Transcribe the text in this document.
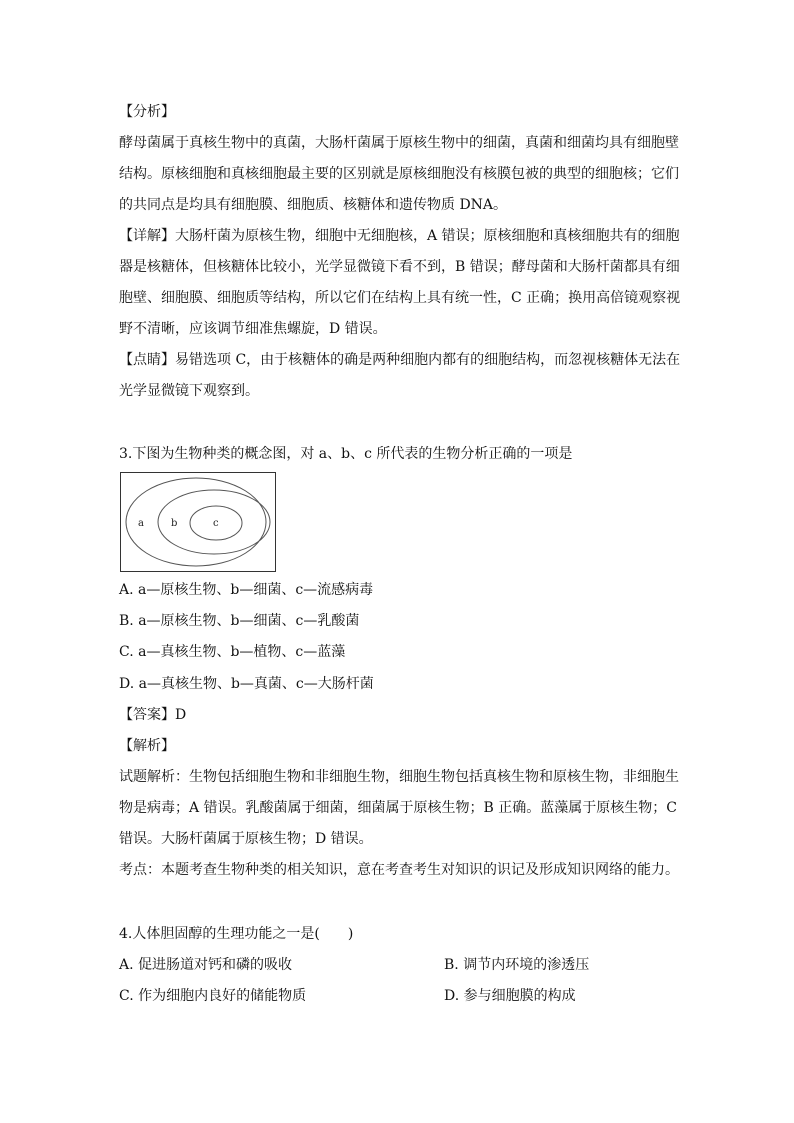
【分析】
酵母菌属于真核生物中的真菌，大肠杆菌属于原核生物中的细菌，真菌和细菌均具有细胞壁
结构。原核细胞和真核细胞最主要的区别就是原核细胞没有核膜包被的典型的细胞核；它们
的共同点是均具有细胞膜、细胞质、核糖体和遗传物质 DNA。
【详解】大肠杆菌为原核生物，细胞中无细胞核，A 错误；原核细胞和真核细胞共有的细胞
器是核糖体，但核糖体比较小，光学显微镜下看不到，B 错误；酵母菌和大肠杆菌都具有细
胞壁、细胞膜、细胞质等结构，所以它们在结构上具有统一性，C 正确；换用高倍镜观察视
野不清晰，应该调节细准焦螺旋，D 错误。
【点睛】易错选项 C，由于核糖体的确是两种细胞内都有的细胞结构，而忽视核糖体无法在
光学显微镜下观察到。
3.下图为生物种类的概念图，对 a、b、c 所代表的生物分析正确的一项是
a	b	c
A. a—原核生物、b—细菌、c—流感病毒
B. a—原核生物、b—细菌、c—乳酸菌
C. a—真核生物、b—植物、c—蓝藻
D. a—真核生物、b—真菌、c—大肠杆菌
【答案】D
【解析】
试题解析：生物包括细胞生物和非细胞生物，细胞生物包括真核生物和原核生物，非细胞生
物是病毒；A 错误。乳酸菌属于细菌，细菌属于原核生物；B 正确。蓝藻属于原核生物；C
错误。大肠杆菌属于原核生物；D 错误。
考点：本题考查生物种类的相关知识，意在考查考生对知识的识记及形成知识网络的能力。
4.人体胆固醇的生理功能之一是(　　)
A. 促进肠道对钙和磷的吸收	B. 调节内环境的渗透压
C. 作为细胞内良好的储能物质	D. 参与细胞膜的构成
